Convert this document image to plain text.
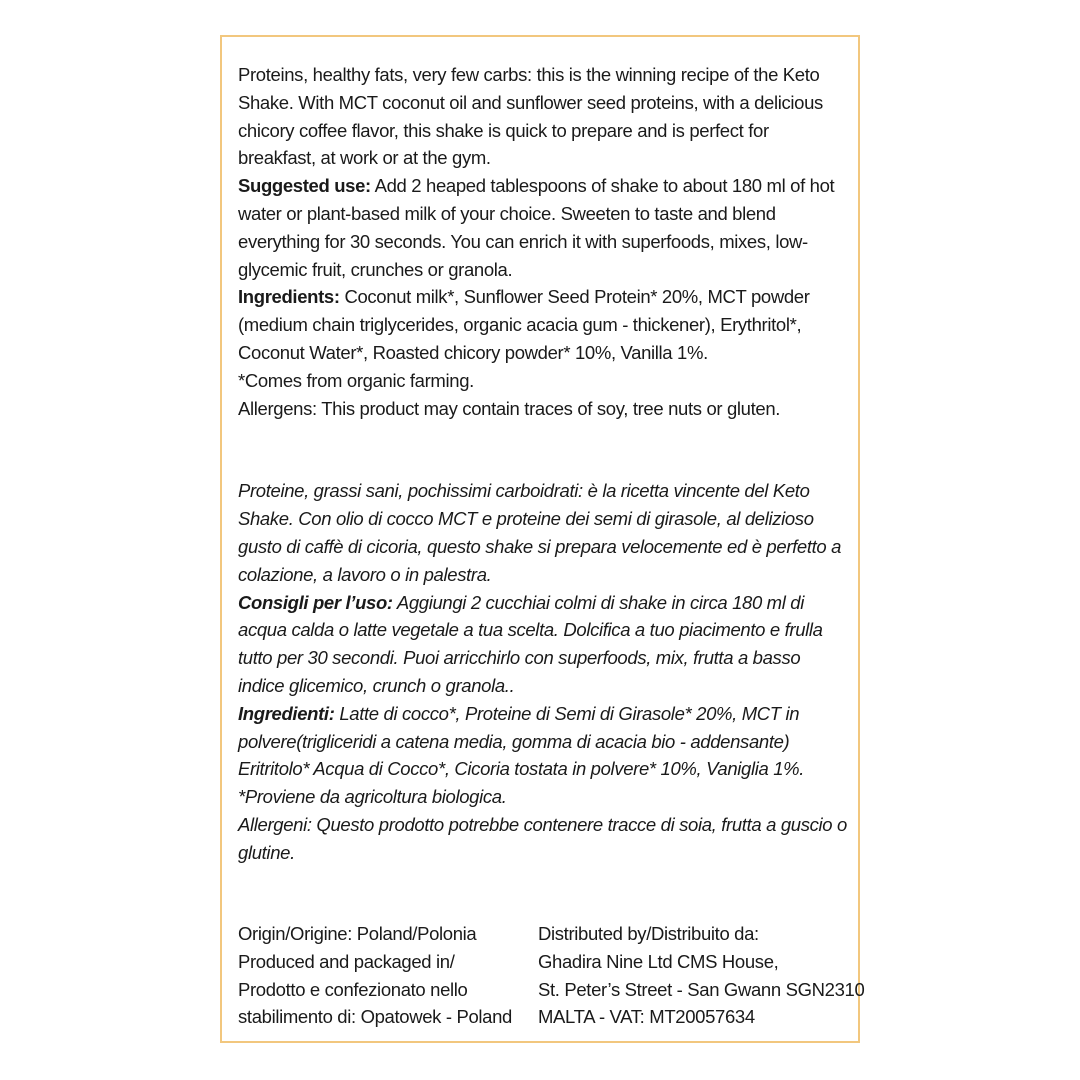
Proteins, healthy fats, very few carbs: this is the winning recipe of the Keto Shake. With MCT coconut oil and sunflower seed proteins, with a delicious chicory coffee flavor, this shake is quick to prepare and is perfect for breakfast, at work or at the gym.

Suggested use: Add 2 heaped tablespoons of shake to about 180 ml of hot water or plant-based milk of your choice. Sweeten to taste and blend everything for 30 seconds. You can enrich it with superfoods, mixes, low-glycemic fruit, crunches or granola.

Ingredients: Coconut milk*, Sunflower Seed Protein* 20%, MCT powder (medium chain triglycerides, organic acacia gum - thickener), Erythritol*, Coconut Water*, Roasted chicory powder* 10%, Vanilla 1%.

*Comes from organic farming.

Allergens: This product may contain traces of soy, tree nuts or gluten.

Proteine, grassi sani, pochissimi carboidrati: è la ricetta vincente del Keto Shake. Con olio di cocco MCT e proteine dei semi di girasole, al delizioso gusto di caffè di cicoria, questo shake si prepara velocemente ed è perfetto a colazione, a lavoro o in palestra.

Consigli per l’uso: Aggiungi 2 cucchiai colmi di shake in circa 180 ml di acqua calda o latte vegetale a tua scelta. Dolcifica a tuo piacimento e frulla tutto per 30 secondi. Puoi arricchirlo con superfoods, mix, frutta a basso indice glicemico, crunch o granola..

Ingredienti: Latte di cocco*, Proteine di Semi di Girasole* 20%, MCT in polvere(trigliceridi a catena media, gomma di acacia bio - addensante) Eritritolo* Acqua di Cocco*, Cicoria tostata in polvere* 10%, Vaniglia 1%.

*Proviene da agricoltura biologica.

Allergeni: Questo prodotto potrebbe contenere tracce di soia, frutta a guscio o glutine.

Origin/Origine: Poland/Polonia
Produced and packaged in/
Prodotto e confezionato nello
stabilimento di: Opatowek - Poland
Distributed by/Distribuito da:
Ghadira Nine Ltd CMS House,
St. Peter’s Street - San Gwann SGN2310
MALTA - VAT: MT20057634
